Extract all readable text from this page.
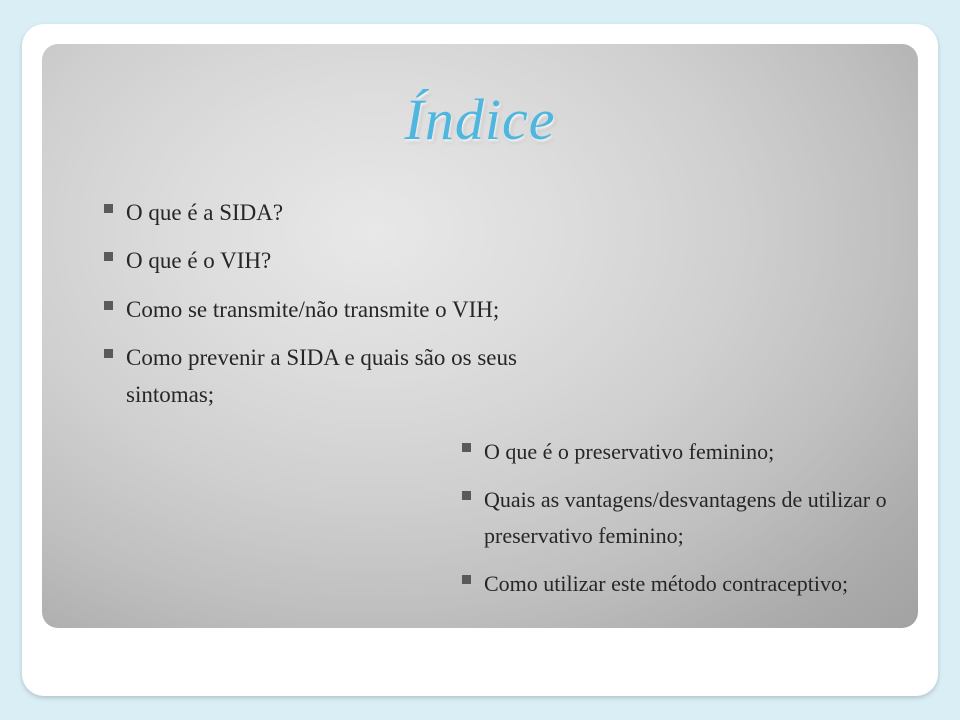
Índice
O que é a SIDA?
O que é o VIH?
Como se transmite/não transmite o VIH;
Como prevenir a SIDA e quais são os seus sintomas;
O que é o preservativo feminino;
Quais as vantagens/desvantagens de utilizar o preservativo feminino;
Como utilizar este método contraceptivo;
